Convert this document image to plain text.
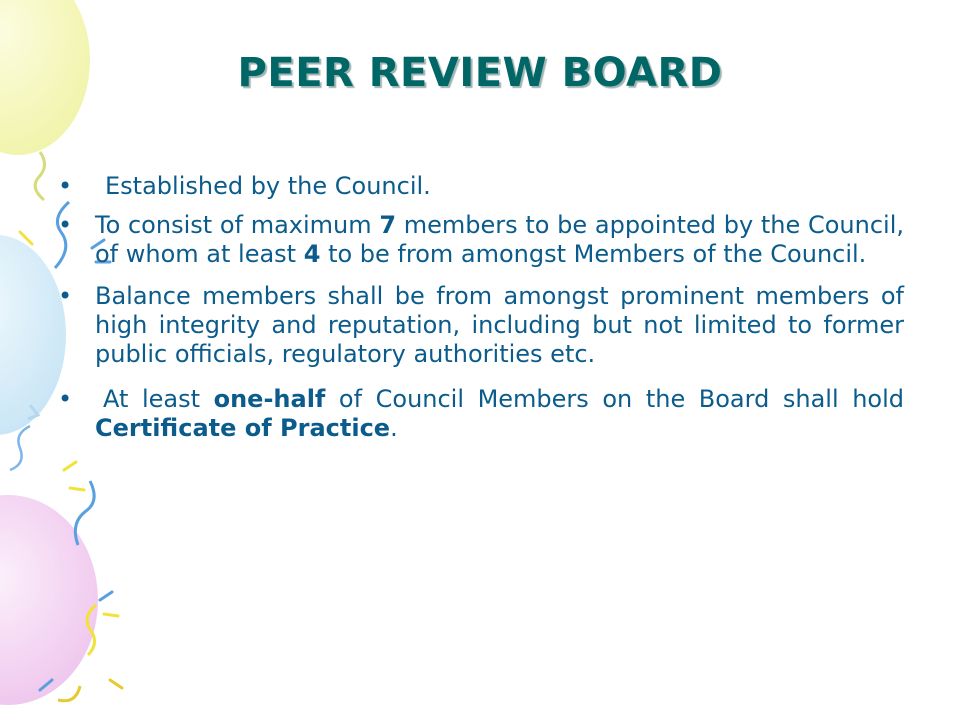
PEER REVIEW BOARD
• Established by the Council.
• To consist of maximum 7 members to be appointed by the Council, of whom at least 4 to be from amongst Members of the Council.
• Balance members shall be from amongst prominent members of high integrity and reputation, including but not limited to former public officials, regulatory authorities etc.
• At least one-half of Council Members on the Board shall hold Certificate of Practice.
